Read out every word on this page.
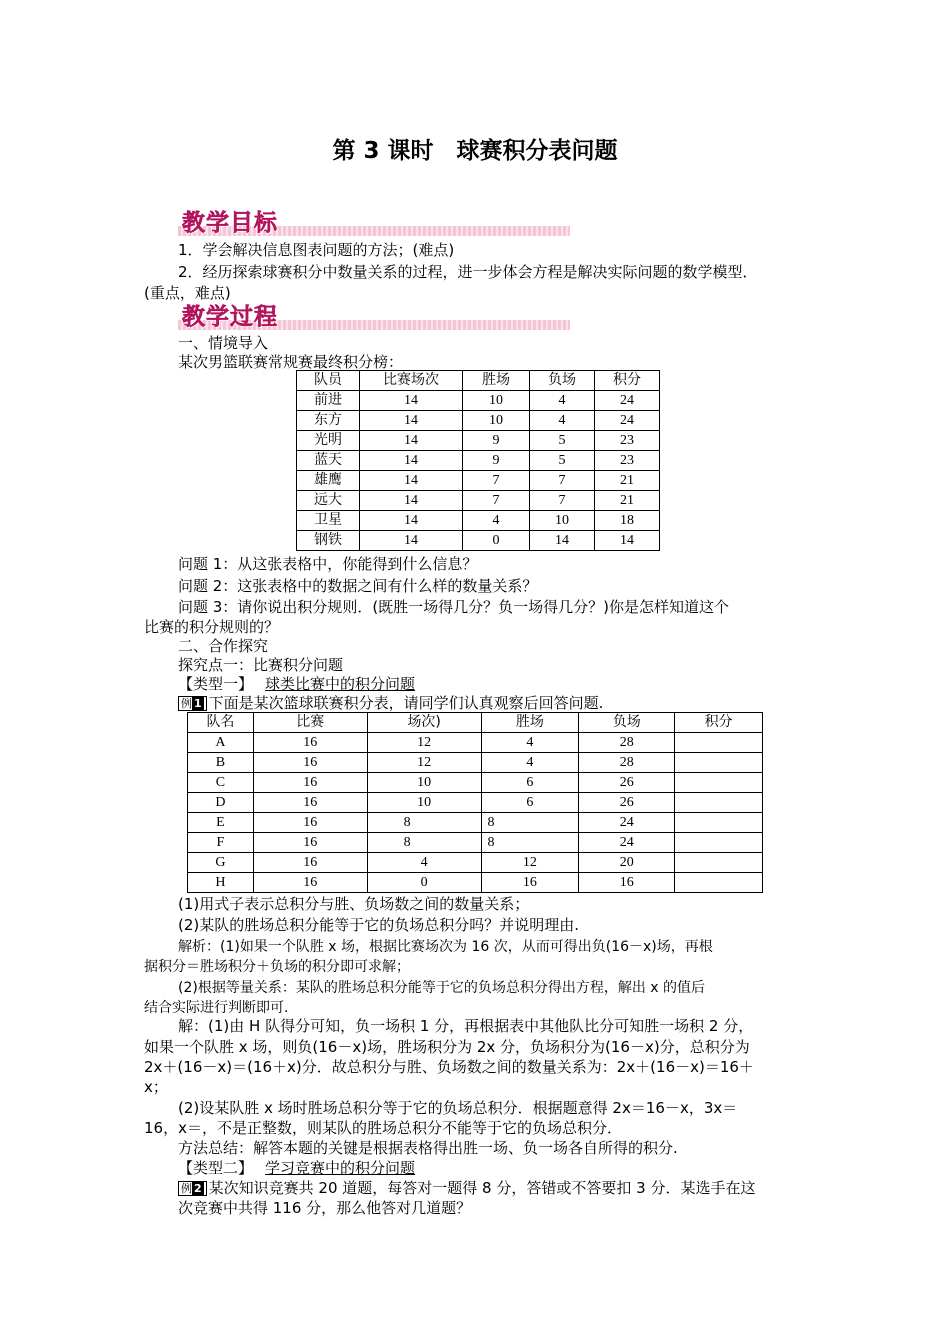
第 3 课时　球赛积分表问题
教学目标
1．学会解决信息图表问题的方法；(难点)
2．经历探索球赛积分中数量关系的过程，进一步体会方程是解决实际问题的数学模型．
(重点，难点)
教学过程
一、情境导入
某次男篮联赛常规赛最终积分榜：
队员	比赛场次	胜场	负场	积分
前进	14	10	4	24
东方	14	10	4	24
光明	14	9	5	23
蓝天	14	9	5	23
雄鹰	14	7	7	21
远大	14	7	7	21
卫星	14	4	10	18
钢铁	14	0	14	14
问题 1：从这张表格中，你能得到什么信息？
问题 2：这张表格中的数据之间有什么样的数量关系？
问题 3：请你说出积分规则．(既胜一场得几分？负一场得几分？)你是怎样知道这个
比赛的积分规则的？
二、合作探究
探究点一：比赛积分问题
【类型一】 球类比赛中的积分问题
例 1 下面是某次篮球联赛积分表，请同学们认真观察后回答问题.
队名	比赛	场次)	胜场	负场	积分
A	16	12	4	28	
B	16	12	4	28	
C	16	10	6	26	
D	16	10	6	26	
E	16	8	8	24	
F	16	8	8	24	
G	16	4	12	20	
H	16	0	16	16	
(1)用式子表示总积分与胜、负场数之间的数量关系；
(2)某队的胜场总积分能等于它的负场总积分吗？并说明理由.
解析：(1)如果一个队胜 x 场，根据比赛场次为 16 次，从而可得出负(16－x)场，再根
据积分＝胜场积分＋负场的积分即可求解；
(2)根据等量关系：某队的胜场总积分能等于它的负场总积分得出方程，解出 x 的值后
结合实际进行判断即可.
解：(1)由 H 队得分可知，负一场积 1 分，再根据表中其他队比分可知胜一场积 2 分，
如果一个队胜 x 场，则负(16－x)场，胜场积分为 2x 分，负场积分为(16－x)分，总积分为
2x＋(16－x)＝(16＋x)分．故总积分与胜、负场数之间的数量关系为：2x＋(16－x)＝16＋
x；
(2)设某队胜 x 场时胜场总积分等于它的负场总积分．根据题意得 2x＝16－x，3x＝
16，x＝，不是正整数，则某队的胜场总积分不能等于它的负场总积分．
方法总结：解答本题的关键是根据表格得出胜一场、负一场各自所得的积分.
【类型二】 学习竞赛中的积分问题
例 2 某次知识竞赛共 20 道题，每答对一题得 8 分，答错或不答要扣 3 分．某选手在这
次竞赛中共得 116 分，那么他答对几道题？
